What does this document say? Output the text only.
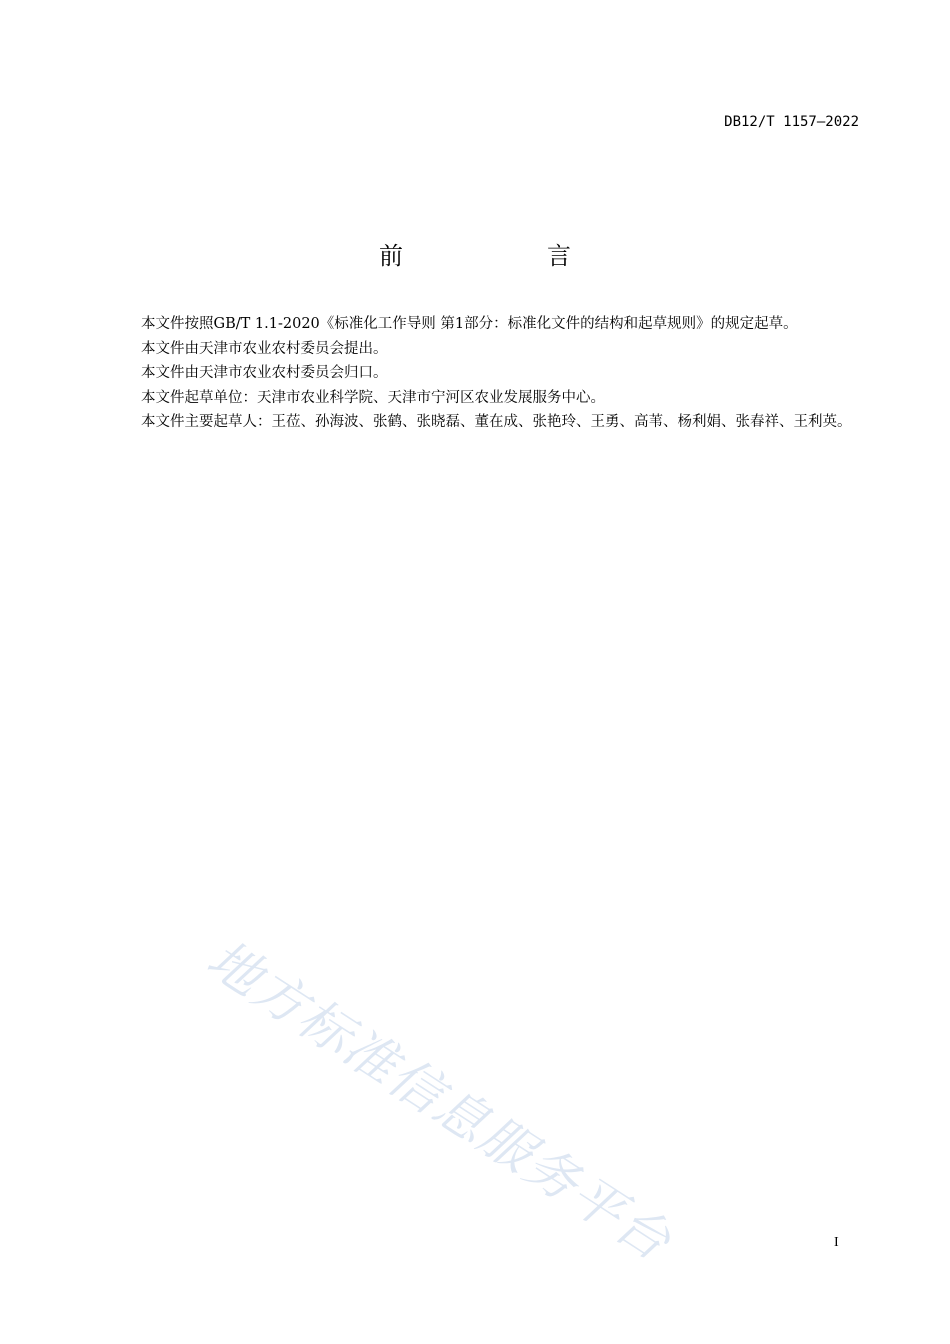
DB12/T 1157—2022
前　言

本文件按照GB/T 1.1-2020《标准化工作导则 第1部分：标准化文件的结构和起草规则》的规定起草。

本文件由天津市农业农村委员会提出。

本文件由天津市农业农村委员会归口。

本文件起草单位：天津市农业科学院、天津市宁河区农业发展服务中心。

本文件主要起草人：王莅、孙海波、张鹤、张晓磊、董在成、张艳玲、王勇、高苇、杨利娟、张春祥、王利英。

地方标准信息服务平台	I
